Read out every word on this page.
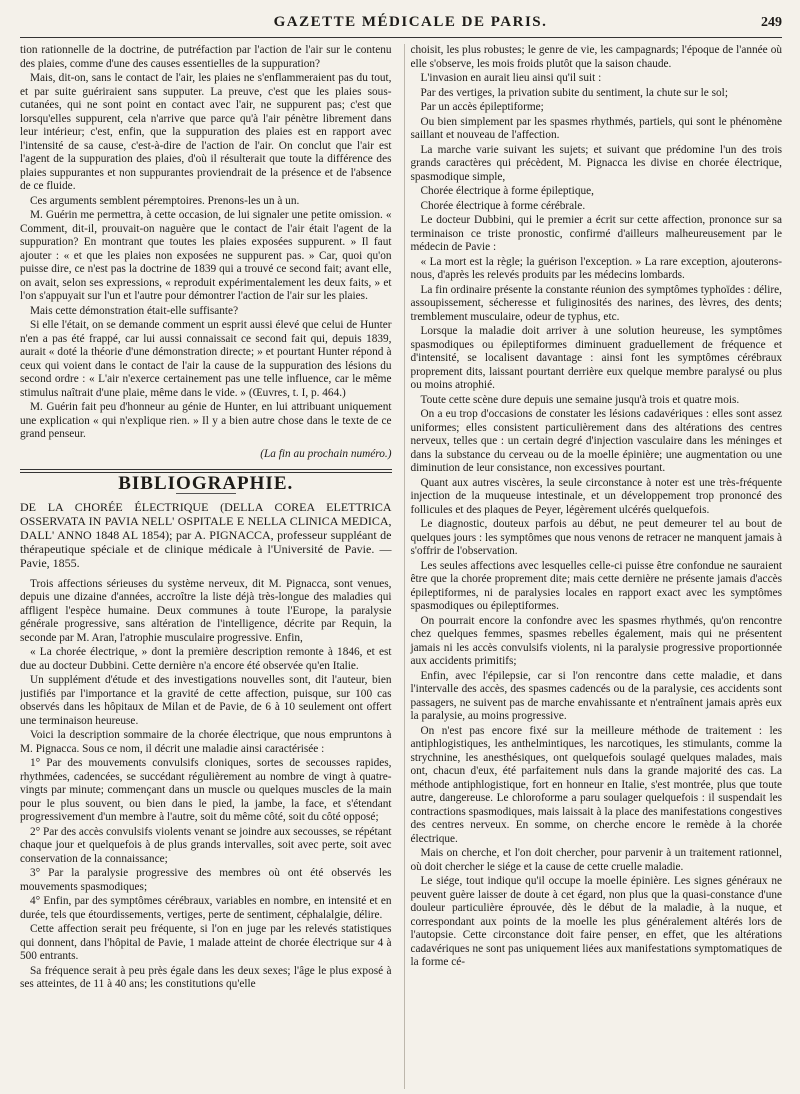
GAZETTE MÉDICALE DE PARIS.	249

tion rationnelle de la doctrine, de putréfaction par l'action de l'air sur le contenu des plaies, comme d'une des causes essentielles de la suppuration?

Mais, dit-on, sans le contact de l'air, les plaies ne s'enflammeraient pas du tout, et par suite guériraient sans supputer. La preuve, c'est que les plaies sous-cutanées, qui ne sont point en contact avec l'air, ne suppurent pas; c'est que lorsqu'elles suppurent, cela n'arrive que parce qu'à l'air pénètre librement dans leur intérieur; c'est, enfin, que la suppuration des plaies est en rapport avec l'intensité de sa cause, c'est-à-dire de l'action de l'air. On conclut que l'air est l'agent de la suppuration des plaies, d'où il résulterait que toute la différence des plaies suppurantes et non suppurantes proviendrait de la présence et de l'absence de ce fluide.

Ces arguments semblent péremptoires. Prenons-les un à un.

M. Guérin me permettra, à cette occasion, de lui signaler une petite omission. « Comment, dit-il, prouvait-on naguère que le contact de l'air était l'agent de la suppuration? En montrant que toutes les plaies exposées suppurent. » Il faut ajouter : « et que les plaies non exposées ne suppurent pas. » Car, quoi qu'on puisse dire, ce n'est pas la doctrine de 1839 qui a trouvé ce second fait; avant elle, on avait, selon ses expressions, « reproduit expérimentalement les deux faits, » et l'on s'appuyait sur l'un et l'autre pour démontrer l'action de l'air sur les plaies.

Mais cette démonstration était-elle suffisante?

Si elle l'était, on se demande comment un esprit aussi élevé que celui de Hunter n'en a pas été frappé, car lui aussi connaissait ce second fait qui, depuis 1839, aurait « doté la théorie d'une démonstration directe; » et pourtant Hunter répond à ceux qui voient dans le contact de l'air la cause de la suppuration des lésions du second ordre : « L'air n'exerce certainement pas une telle influence, car le même stimulus naîtrait d'une plaie, même dans le vide. » (Œuvres, t. I, p. 464.)

M. Guérin fait peu d'honneur au génie de Hunter, en lui attribuant uniquement une explication « qui n'explique rien. » Il y a bien autre chose dans le texte de ce grand penseur.

(La fin au prochain numéro.)

BIBLIOGRAPHIE.

DE LA CHORÉE ÉLECTRIQUE (DELLA COREA ELETTRICA OSSERVATA IN PAVIA NELL' OSPITALE E NELLA CLINICA MEDICA, DALL' ANNO 1848 AL 1854); par A. PIGNACCA, professeur suppléant de thérapeutique spéciale et de clinique médicale à l'Université de Pavie. — Pavie, 1855.

Trois affections sérieuses du système nerveux, dit M. Pignacca, sont venues, depuis une dizaine d'années, accroître la liste déjà très-longue des maladies qui affligent l'espèce humaine. Deux communes à toute l'Europe, la paralysie générale progressive, sans altération de l'intelligence, décrite par Requin, la seconde par M. Aran, l'atrophie musculaire progressive. Enfin,

« La chorée électrique, » dont la première description remonte à 1846, et est due au docteur Dubbini. Cette dernière n'a encore été observée qu'en Italie.

Un supplément d'étude et des investigations nouvelles sont, dit l'auteur, bien justifiés par l'importance et la gravité de cette affection, puisque, sur 100 cas observés dans les hôpitaux de Milan et de Pavie, de 6 à 10 seulement ont offert une terminaison heureuse.

Voici la description sommaire de la chorée électrique, que nous empruntons à M. Pignacca. Sous ce nom, il décrit une maladie ainsi caractérisée :

1° Par des mouvements convulsifs cloniques, sortes de secousses rapides, rhythmées, cadencées, se succédant régulièrement au nombre de vingt à quatre-vingts par minute; commençant dans un muscle ou quelques muscles de la main pour le plus souvent, ou bien dans le pied, la jambe, la face, et s'étendant progressivement d'un membre à l'autre, soit du même côté, soit du côté opposé;

2° Par des accès convulsifs violents venant se joindre aux secousses, se répétant chaque jour et quelquefois à de plus grands intervalles, soit avec perte, soit avec conservation de la connaissance;

3° Par la paralysie progressive des membres où ont été observés les mouvements spasmodiques;

4° Enfin, par des symptômes cérébraux, variables en nombre, en intensité et en durée, tels que étourdissements, vertiges, perte de sentiment, céphalalgie, délire.

Cette affection serait peu fréquente, si l'on en juge par les relevés statistiques qui donnent, dans l'hôpital de Pavie, 1 malade atteint de chorée électrique sur 4 à 500 entrants.

Sa fréquence serait à peu près égale dans les deux sexes; l'âge le plus exposé à ses atteintes, de 11 à 40 ans; les constitutions qu'elle

choisit, les plus robustes; le genre de vie, les campagnards; l'époque de l'année où elle s'observe, les mois froids plutôt que la saison chaude.

L'invasion en aurait lieu ainsi qu'il suit :

Par des vertiges, la privation subite du sentiment, la chute sur le sol;

Par un accès épileptiforme;

Ou bien simplement par les spasmes rhythmés, partiels, qui sont le phénomène saillant et nouveau de l'affection.

La marche varie suivant les sujets; et suivant que prédomine l'un des trois grands caractères qui précèdent, M. Pignacca les divise en chorée électrique, spasmodique simple,

Chorée électrique à forme épileptique,

Chorée électrique à forme cérébrale.

Le docteur Dubbini, qui le premier a écrit sur cette affection, prononce sur sa terminaison ce triste pronostic, confirmé d'ailleurs malheureusement par le médecin de Pavie :

« La mort est la règle; la guérison l'exception. » La rare exception, ajouterons-nous, d'après les relevés produits par les médecins lombards.

La fin ordinaire présente la constante réunion des symptômes typhoïdes : délire, assoupissement, sécheresse et fuliginosités des narines, des lèvres, des dents; tremblement musculaire, odeur de typhus, etc.

Lorsque la maladie doit arriver à une solution heureuse, les symptômes spasmodiques ou épileptiformes diminuent graduellement de fréquence et d'intensité, se localisent davantage : ainsi font les symptômes cérébraux proprement dits, laissant pourtant derrière eux quelque membre paralysé ou plus ou moins atrophié.

Toute cette scène dure depuis une semaine jusqu'à trois et quatre mois.

On a eu trop d'occasions de constater les lésions cadavériques : elles sont assez uniformes; elles consistent particulièrement dans des altérations des centres nerveux, telles que : un certain degré d'injection vasculaire dans les méninges et dans la substance du cerveau ou de la moelle épinière; une augmentation ou une diminution de leur consistance, non excessives pourtant.

Quant aux autres viscères, la seule circonstance à noter est une très-fréquente injection de la muqueuse intestinale, et un développement trop prononcé des follicules et des plaques de Peyer, légèrement ulcérés quelquefois.

Le diagnostic, douteux parfois au début, ne peut demeurer tel au bout de quelques jours : les symptômes que nous venons de retracer ne manquent jamais à s'offrir de l'observation.

Les seules affections avec lesquelles celle-ci puisse être confondue ne sauraient être que la chorée proprement dite; mais cette dernière ne présente jamais d'accès épileptiformes, ni de paralysies locales en rapport exact avec les symptômes spasmodiques ou épileptiformes.

On pourrait encore la confondre avec les spasmes rhythmés, qu'on rencontre chez quelques femmes, spasmes rebelles également, mais qui ne présentent jamais ni les accès convulsifs violents, ni la paralysie progressive proportionnée aux accidents primitifs;

Enfin, avec l'épilepsie, car si l'on rencontre dans cette maladie, et dans l'intervalle des accès, des spasmes cadencés ou de la paralysie, ces accidents sont passagers, ne suivent pas de marche envahissante et n'entraînent jamais après eux la paralysie, au moins progressive.

On n'est pas encore fixé sur la meilleure méthode de traitement : les antiphlogistiques, les anthelmintiques, les narcotiques, les stimulants, comme la strychnine, les anesthésiques, ont quelquefois soulagé quelques malades, mais ont, chacun d'eux, été parfaitement nuls dans la grande majorité des cas. La méthode antiphlogistique, fort en honneur en Italie, s'est montrée, plus que toute autre, dangereuse. Le chloroforme a paru soulager quelquefois : il suspendait les contractions spasmodiques, mais laissait à la place des manifestations congestives des centres nerveux. En somme, on cherche encore le remède à la chorée électrique.

Mais on cherche, et l'on doit chercher, pour parvenir à un traitement rationnel, où doit chercher le siége et la cause de cette cruelle maladie.

Le siége, tout indique qu'il occupe la moelle épinière. Les signes généraux ne peuvent guère laisser de doute à cet égard, non plus que la quasi-constance d'une douleur particulière éprouvée, dès le début de la maladie, à la nuque, et correspondant aux points de la moelle les plus généralement altérés lors de l'autopsie. Cette circonstance doit faire penser, en effet, que les altérations cadavériques ne sont pas uniquement liées aux manifestations symptomatiques de la forme cé-
